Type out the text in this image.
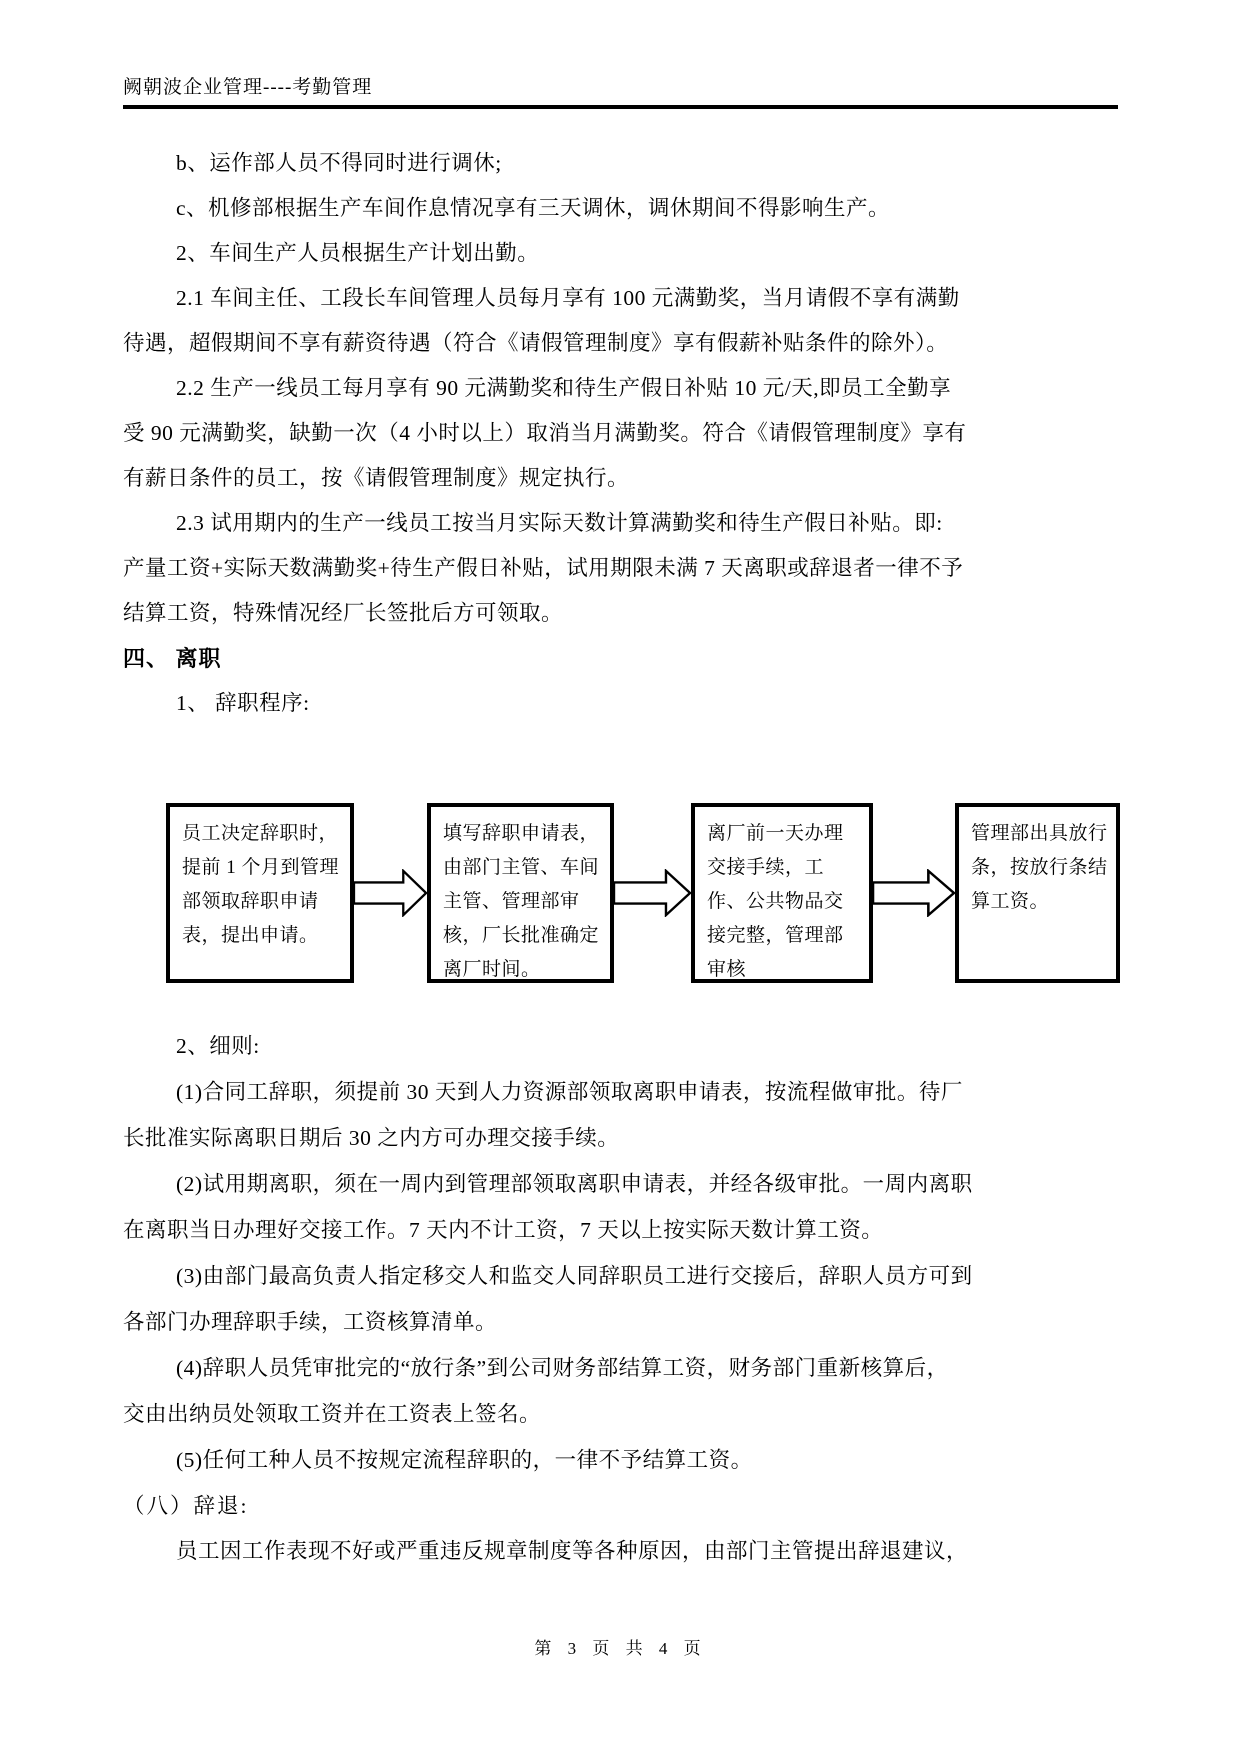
阙朝波企业管理----考勤管理
b、运作部人员不得同时进行调休;
c、机修部根据生产车间作息情况享有三天调休，调休期间不得影响生产。
2、车间生产人员根据生产计划出勤。
2.1 车间主任、工段长车间管理人员每月享有 100 元满勤奖，当月请假不享有满勤
待遇，超假期间不享有薪资待遇（符合《请假管理制度》享有假薪补贴条件的除外）。
2.2 生产一线员工每月享有 90 元满勤奖和待生产假日补贴 10 元/天,即员工全勤享
受 90 元满勤奖，缺勤一次（4 小时以上）取消当月满勤奖。符合《请假管理制度》享有
有薪日条件的员工，按《请假管理制度》规定执行。
2.3 试用期内的生产一线员工按当月实际天数计算满勤奖和待生产假日补贴。即:
产量工资+实际天数满勤奖+待生产假日补贴，试用期限未满 7 天离职或辞退者一律不予
结算工资，特殊情况经厂长签批后方可领取。
四、 离职
1、 辞职程序:
员工决定辞职时，提前 1 个月到管理部领取辞职申请表，提出申请。
填写辞职申请表，由部门主管、车间主管、管理部审核，厂长批准确定离厂时间。
离厂前一天办理交接手续，工作、公共物品交接完整，管理部审核
管理部出具放行条，按放行条结算工资。
2、细则:
(1)合同工辞职，须提前 30 天到人力资源部领取离职申请表，按流程做审批。待厂
长批准实际离职日期后 30 之内方可办理交接手续。
(2)试用期离职，须在一周内到管理部领取离职申请表，并经各级审批。一周内离职
在离职当日办理好交接工作。7 天内不计工资，7 天以上按实际天数计算工资。
(3)由部门最高负责人指定移交人和监交人同辞职员工进行交接后，辞职人员方可到
各部门办理辞职手续，工资核算清单。
(4)辞职人员凭审批完的“放行条”到公司财务部结算工资，财务部门重新核算后，
交由出纳员处领取工资并在工资表上签名。
(5)任何工种人员不按规定流程辞职的，一律不予结算工资。
（八）辞退:
员工因工作表现不好或严重违反规章制度等各种原因，由部门主管提出辞退建议，
第 3 页 共 4 页
